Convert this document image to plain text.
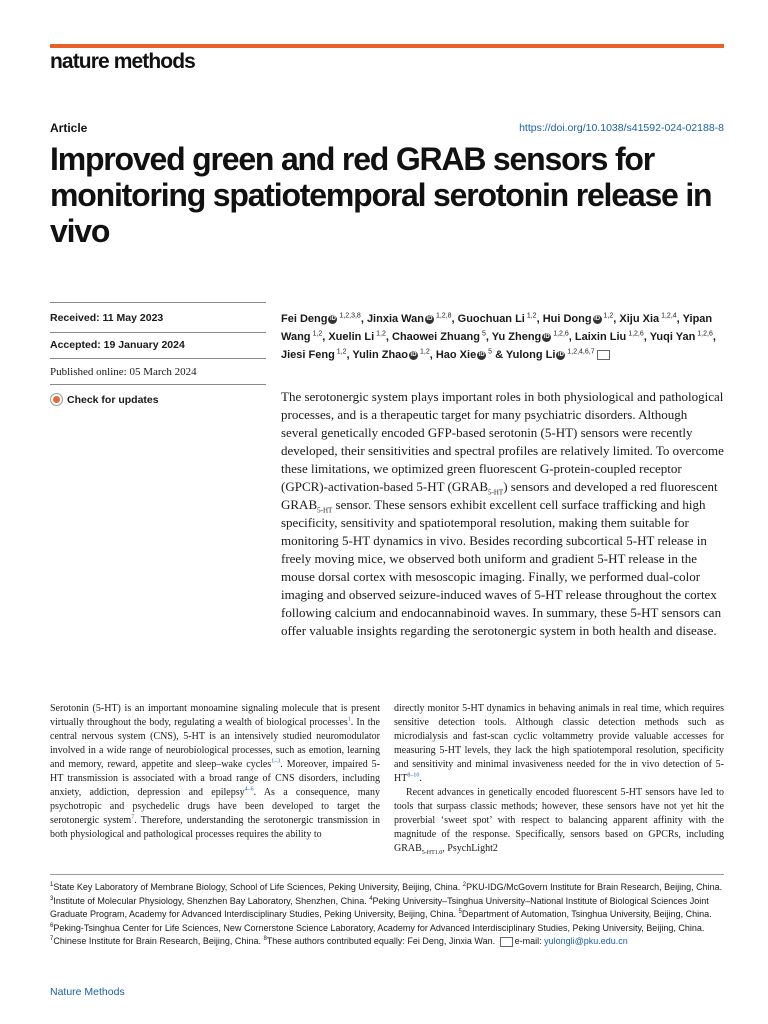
nature methods
Article	https://doi.org/10.1038/s41592-024-02188-8
Improved green and red GRAB sensors for monitoring spatiotemporal serotonin release in vivo
Received: 11 May 2023
Accepted: 19 January 2024
Published online: 05 March 2024
Check for updates

Fei Deng iD $^{1,2,3,8}$, Jinxia Wan iD $^{1,2,8}$, Guochuan Li $^{1,2}$, Hui Dong iD $^{1,2}$, Xiju Xia $^{1,2,4}$, Yipan Wang $^{1,2}$, Xuelin Li $^{1,2}$, Chaowei Zhuang $^5$, Yu Zheng iD $^{1,2,6}$, Laixin Liu $^{1,2,6}$, Yuqi Yan $^{1,2,6}$, Jiesi Feng $^{1,2}$, Yulin Zhao iD $^{1,2}$, Hao Xie iD $^5$ & Yulong Li iD $^{1,2,4,6,7}$

The serotonergic system plays important roles in both physiological and pathological processes, and is a therapeutic target for many psychiatric disorders. Although several genetically encoded GFP-based serotonin (5-HT) sensors were recently developed, their sensitivities and spectral profiles are relatively limited. To overcome these limitations, we optimized green fluorescent G-protein-coupled receptor (GPCR)-activation-based 5-HT $(GRAB_{5-HT})$ sensors and developed a red fluorescent $GRAB_{5-HT}$ sensor. These sensors exhibit excellent cell surface trafficking and high specificity, sensitivity and spatiotemporal resolution, making them suitable for monitoring 5-HT dynamics in vivo. Besides recording subcortical 5-HT release in freely moving mice, we observed both uniform and gradient 5-HT release in the mouse dorsal cortex with mesoscopic imaging. Finally, we performed dual-color imaging and observed seizure-induced waves of 5-HT release throughout the cortex following calcium and endocannabinoid waves. In summary, these 5-HT sensors can offer valuable insights regarding the serotonergic system in both health and disease.

Serotonin (5-HT) is an important monoamine signaling molecule that is present virtually throughout the body, regulating a wealth of biological processes$^1$. In the central nervous system (CNS), 5-HT is an intensively studied neuromodulator involved in a wide range of neurobiological processes, such as emotion, learning and memory, reward, appetite and sleep–wake cycles$^{1-3}$. Moreover, impaired 5-HT transmission is associated with a broad range of CNS disorders, including anxiety, addiction, depression and epilepsy$^{4-6}$. As a consequence, many psychotropic and psychedelic drugs have been developed to target the serotonergic system$^7$. Therefore, understanding the serotonergic transmission in both physiological and pathological processes requires the ability to

directly monitor 5-HT dynamics in behaving animals in real time, which requires sensitive detection tools. Although classic detection methods such as microdialysis and fast-scan cyclic voltammetry provide valuable accesses for measuring 5-HT levels, they lack the high spatiotemporal resolution, specificity and sensitivity and minimal invasiveness needed for the in vivo detection of 5-HT$^{8-10}$.

Recent advances in genetically encoded fluorescent 5-HT sensors have led to tools that surpass classic methods; however, these sensors have not yet hit the proverbial ‘sweet spot’ with respect to balancing apparent affinity with the magnitude of the response. Specifically, sensors based on GPCRs, including $GRAB_{5-HT1.0}$, PsychLight2

$^1$State Key Laboratory of Membrane Biology, School of Life Sciences, Peking University, Beijing, China. $^2$PKU-IDG/McGovern Institute for Brain Research, Beijing, China. $^3$Institute of Molecular Physiology, Shenzhen Bay Laboratory, Shenzhen, China. $^4$Peking University–Tsinghua University–National Institute of Biological Sciences Joint Graduate Program, Academy for Advanced Interdisciplinary Studies, Peking University, Beijing, China. $^5$Department of Automation, Tsinghua University, Beijing, China. $^6$Peking-Tsinghua Center for Life Sciences, New Cornerstone Science Laboratory, Academy for Advanced Interdisciplinary Studies, Peking University, Beijing, China. $^7$Chinese Institute for Brain Research, Beijing, China. $^8$These authors contributed equally: Fei Deng, Jinxia Wan. e-mail: yulongli@pku.edu.cn

Nature Methods
